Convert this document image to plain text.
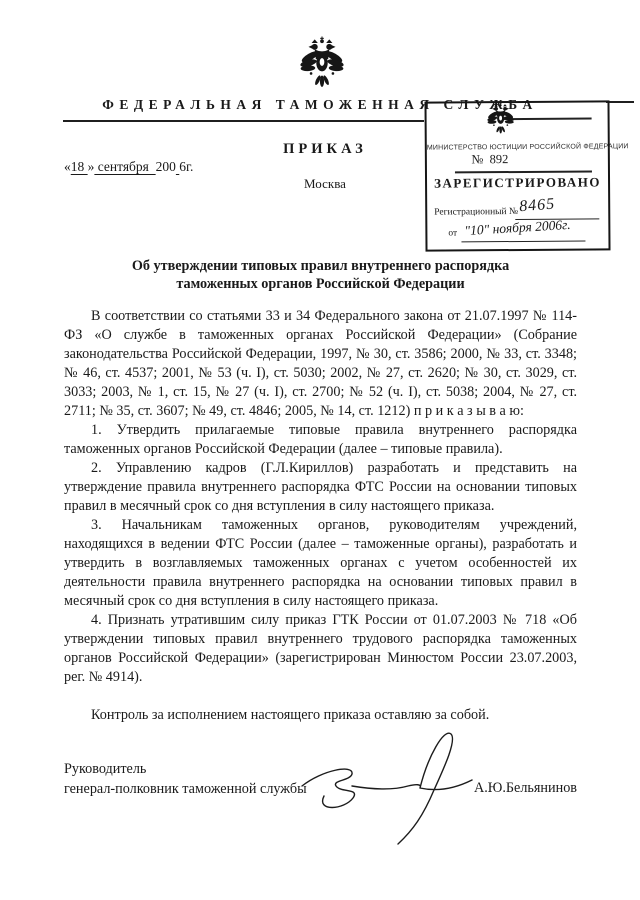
ФЕДЕРАЛЬНАЯ ТАМОЖЕННАЯ СЛУЖБА
ПРИКАЗ
Москва
«18 » сентября  200 6г.
МИНИСТЕРСТВО ЮСТИЦИИ РОССИЙСКОЙ ФЕДЕРАЦИИ
№  892
ЗАРЕГИСТРИРОВАНО
Регистрационный № 8465
от "10" ноября 2006г.
Об утверждении типовых правил внутреннего распорядка
таможенных органов Российской Федерации

В соответствии со статьями 33 и 34 Федерального закона от 21.07.1997 № 114-ФЗ «О службе в таможенных органах Российской Федерации» (Собрание законодательства Российской Федерации, 1997, № 30, ст. 3586; 2000, № 33, ст. 3348; № 46, ст. 4537; 2001, № 53 (ч. I), ст. 5030; 2002, № 27, ст. 2620; № 30, ст. 3029, ст. 3033; 2003, № 1, ст. 15, № 27 (ч. I), ст. 2700; № 52 (ч. I), ст. 5038; 2004, № 27, ст. 2711; № 35, ст. 3607; № 49, ст. 4846; 2005, № 14, ст. 1212) п р и к а з ы в а ю:

1. Утвердить прилагаемые типовые правила внутреннего распорядка таможенных органов Российской Федерации (далее – типовые правила).

2. Управлению кадров (Г.Л.Кириллов) разработать и представить на утверждение правила внутреннего распорядка ФТС России на основании типовых правил в месячный срок со дня вступления в силу настоящего приказа.

3. Начальникам таможенных органов, руководителям учреждений, находящихся в ведении ФТС России (далее – таможенные органы), разработать и утвердить в возглавляемых таможенных органах с учетом особенностей их деятельности правила внутреннего распорядка на основании типовых правил в месячный срок со дня вступления в силу настоящего приказа.

4. Признать утратившим силу приказ ГТК России от 01.07.2003 № 718 «Об утверждении типовых правил внутреннего трудового распорядка таможенных органов Российской Федерации» (зарегистрирован Минюстом России 23.07.2003, рег. № 4914).

Контроль за исполнением настоящего приказа оставляю за собой.

Руководитель
генерал-полковник таможенной службы	А.Ю.Бельянинов
